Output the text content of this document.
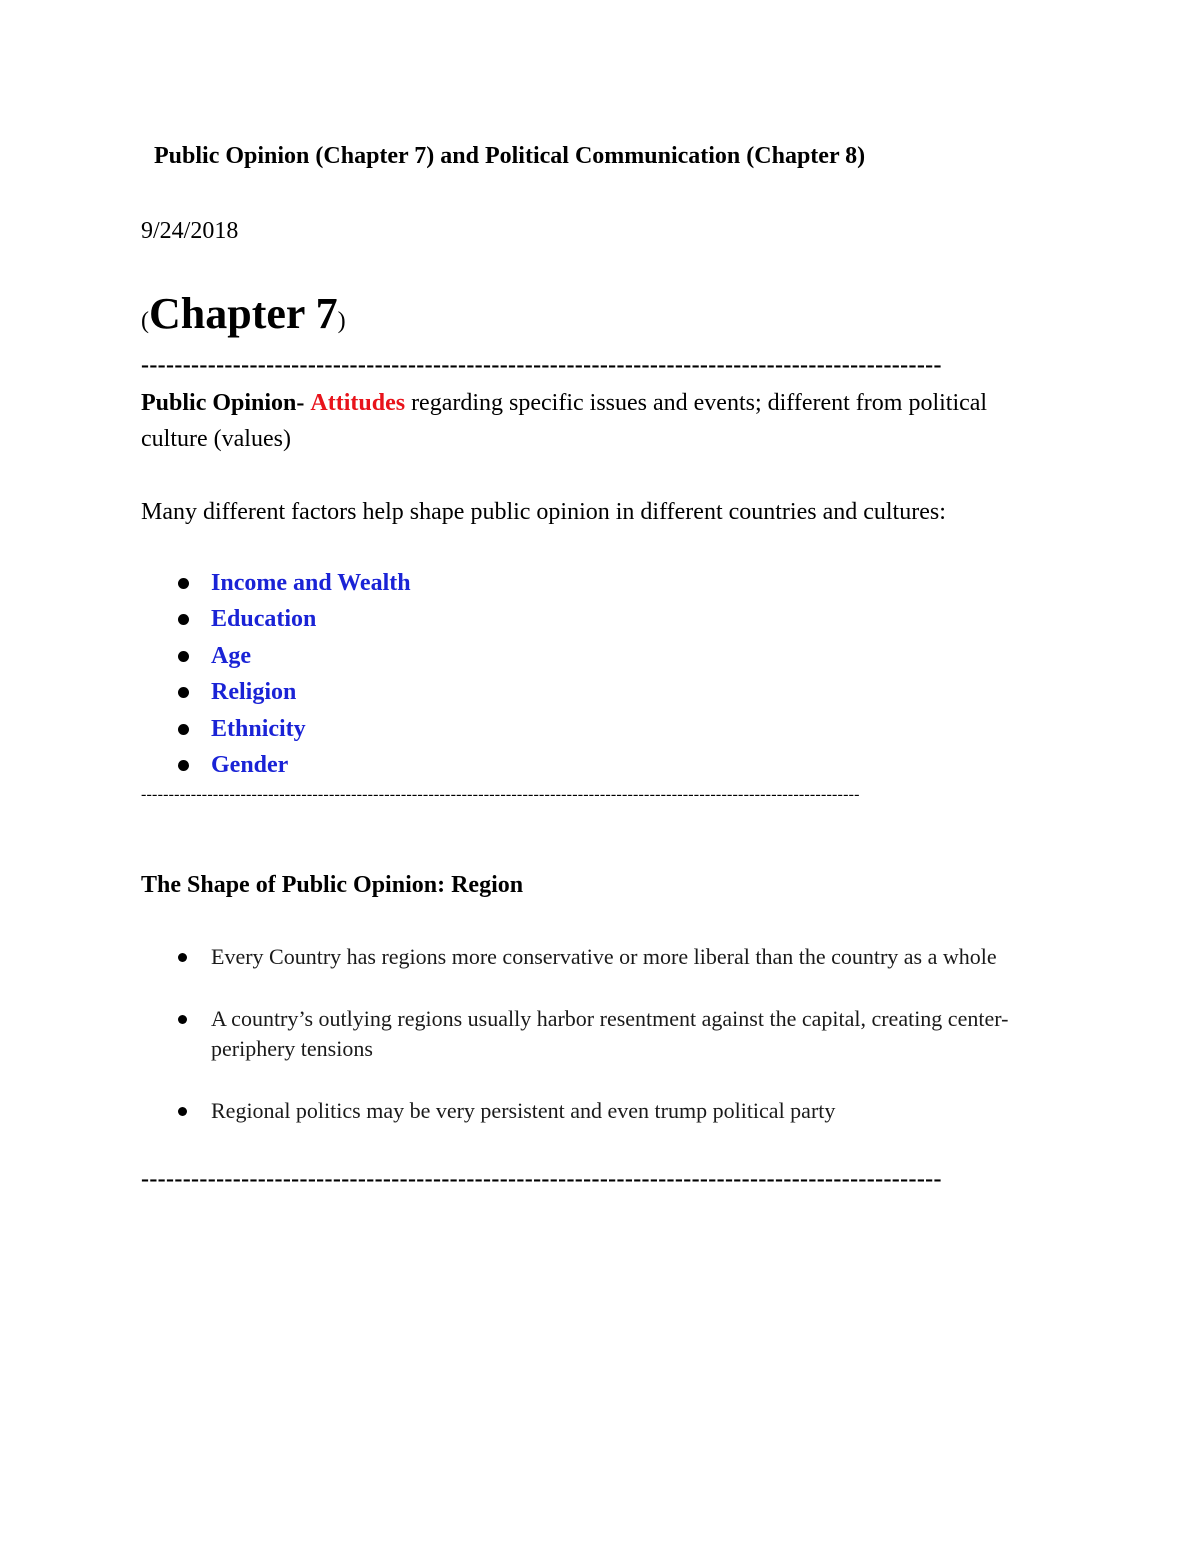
Public Opinion (Chapter 7) and Political Communication (Chapter 8)

9/24/2018

(Chapter 7)

------------------------------------------------------------------------------------------------

Public Opinion- Attitudes regarding specific issues and events; different from political culture (values)

Many different factors help shape public opinion in different countries and cultures:

Income and Wealth
Education
Age
Religion
Ethnicity
Gender

----------------------------------------------------------------------------------------------------------------------------------

The Shape of Public Opinion: Region

Every Country has regions more conservative or more liberal than the country as a whole
A country’s outlying regions usually harbor resentment against the capital, creating center-periphery tensions
Regional politics may be very persistent and even trump political party

------------------------------------------------------------------------------------------------
